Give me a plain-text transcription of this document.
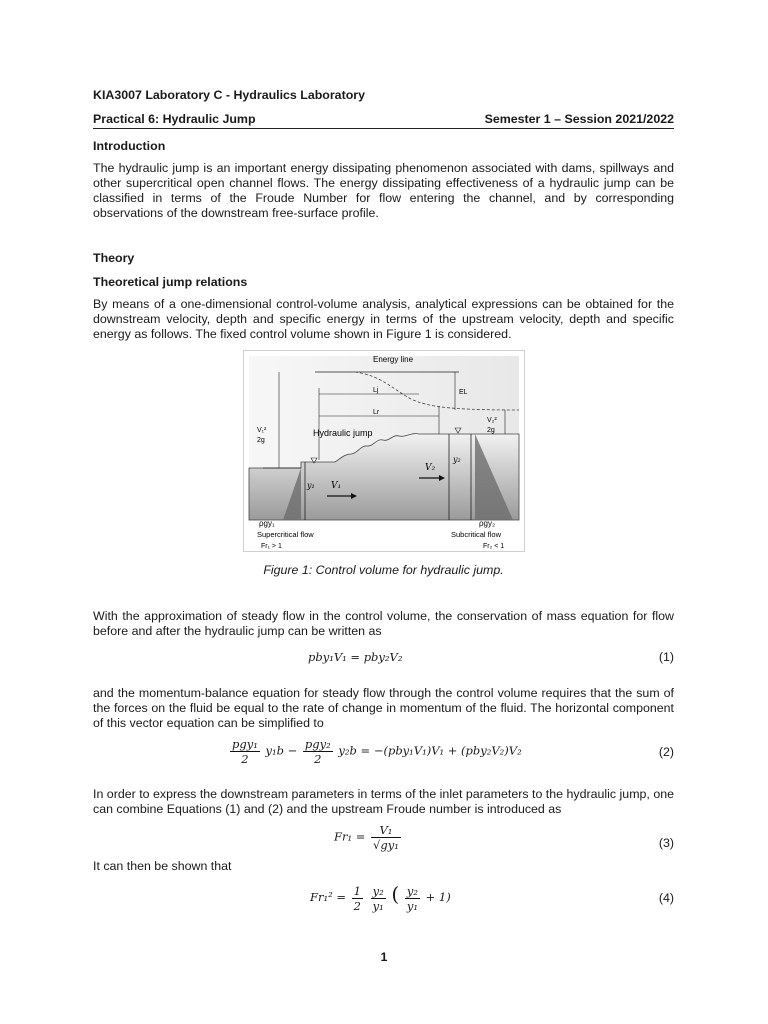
KIA3007 Laboratory C - Hydraulics Laboratory
Practical 6: Hydraulic Jump	Semester 1 – Session 2021/2022
Introduction
The hydraulic jump is an important energy dissipating phenomenon associated with dams, spillways and other supercritical open channel flows. The energy dissipating effectiveness of a hydraulic jump can be classified in terms of the Froude Number for flow entering the channel, and by corresponding observations of the downstream free-surface profile.
Theory
Theoretical jump relations
By means of a one-dimensional control-volume analysis, analytical expressions can be obtained for the downstream velocity, depth and specific energy in terms of the upstream velocity, depth and specific energy as follows. The fixed control volume shown in Figure 1 is considered.
Energy line
Lj
Lr
EL
V₁²
2g
V₂²
2g
Hydraulic jump
y₁
y₂
V₁
V₂
ρgy₁	ρgy₂
Supercritical flow	Subcritical flow
Fr₁ > 1	Fr₂ < 1
Figure 1: Control volume for hydraulic jump.
With the approximation of steady flow in the control volume, the conservation of mass equation for flow before and after the hydraulic jump can be written as
pby₁V₁ = pby₂V₂	(1)
and the momentum-balance equation for steady flow through the control volume requires that the sum of the forces on the fluid be equal to the rate of change in momentum of the fluid. The horizontal component of this vector equation can be simplified to
$\frac{\text{pgy₁}}{2} y_1b - \frac{\text{pgy₂}}{2} y_2b = -(pby_1V_1)V_1 + (pby_2V_2)V_2$	(2)
In order to express the downstream parameters in terms of the inlet parameters to the hydraulic jump, one can combine Equations (1) and (2) and the upstream Froude number is introduced as
$Fr_1 = \frac{\text{V₁}}{\text{√gy₁}}$	(3)
It can then be shown that
$Fr_1^2 = \frac{1}{2}$
$\frac{\text{y₂}}{\text{y₁}}$ ( $\frac{\text{y₂}}{\text{y₁}} + 1$)	(4)
1
